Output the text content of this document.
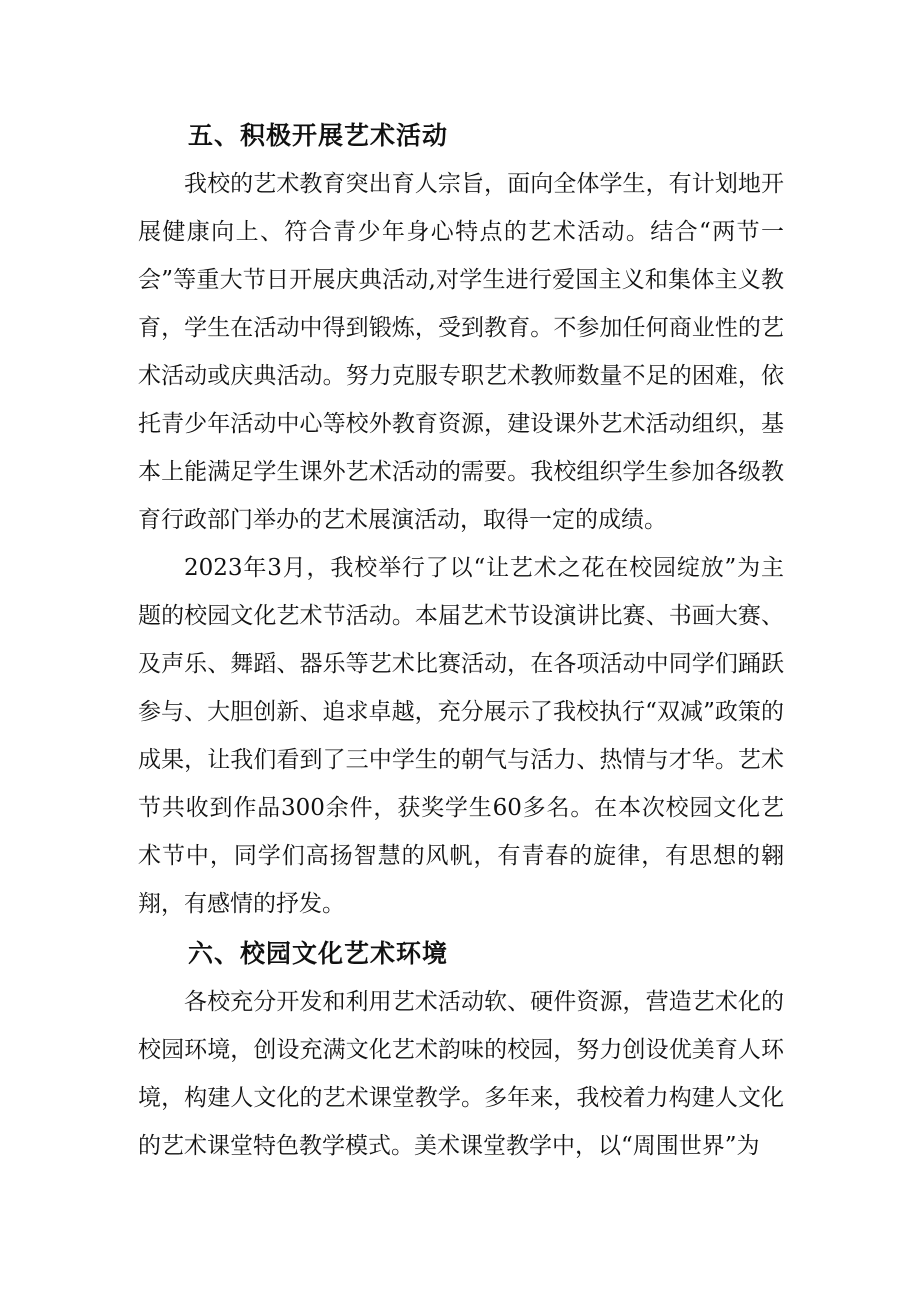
五、积极开展艺术活动

我校的艺术教育突出育人宗旨，面向全体学生，有计划地开展健康向上、符合青少年身心特点的艺术活动。结合“两节一会”等重大节日开展庆典活动,对学生进行爱国主义和集体主义教育，学生在活动中得到锻炼，受到教育。不参加任何商业性的艺术活动或庆典活动。努力克服专职艺术教师数量不足的困难，依托青少年活动中心等校外教育资源，建设课外艺术活动组织，基本上能满足学生课外艺术活动的需要。我校组织学生参加各级教育行政部门举办的艺术展演活动，取得一定的成绩。

2023年3月，我校举行了以“让艺术之花在校园绽放”为主题的校园文化艺术节活动。本届艺术节设演讲比赛、书画大赛、及声乐、舞蹈、器乐等艺术比赛活动，在各项活动中同学们踊跃参与、大胆创新、追求卓越，充分展示了我校执行“双减”政策的成果，让我们看到了三中学生的朝气与活力、热情与才华。艺术节共收到作品300余件，获奖学生60多名。在本次校园文化艺术节中，同学们高扬智慧的风帆，有青春的旋律，有思想的翱翔，有感情的抒发。

六、校园文化艺术环境

各校充分开发和利用艺术活动软、硬件资源，营造艺术化的校园环境，创设充满文化艺术韵味的校园，努力创设优美育人环境，构建人文化的艺术课堂教学。多年来，我校着力构建人文化的艺术课堂特色教学模式。美术课堂教学中，以“周围世界”为
